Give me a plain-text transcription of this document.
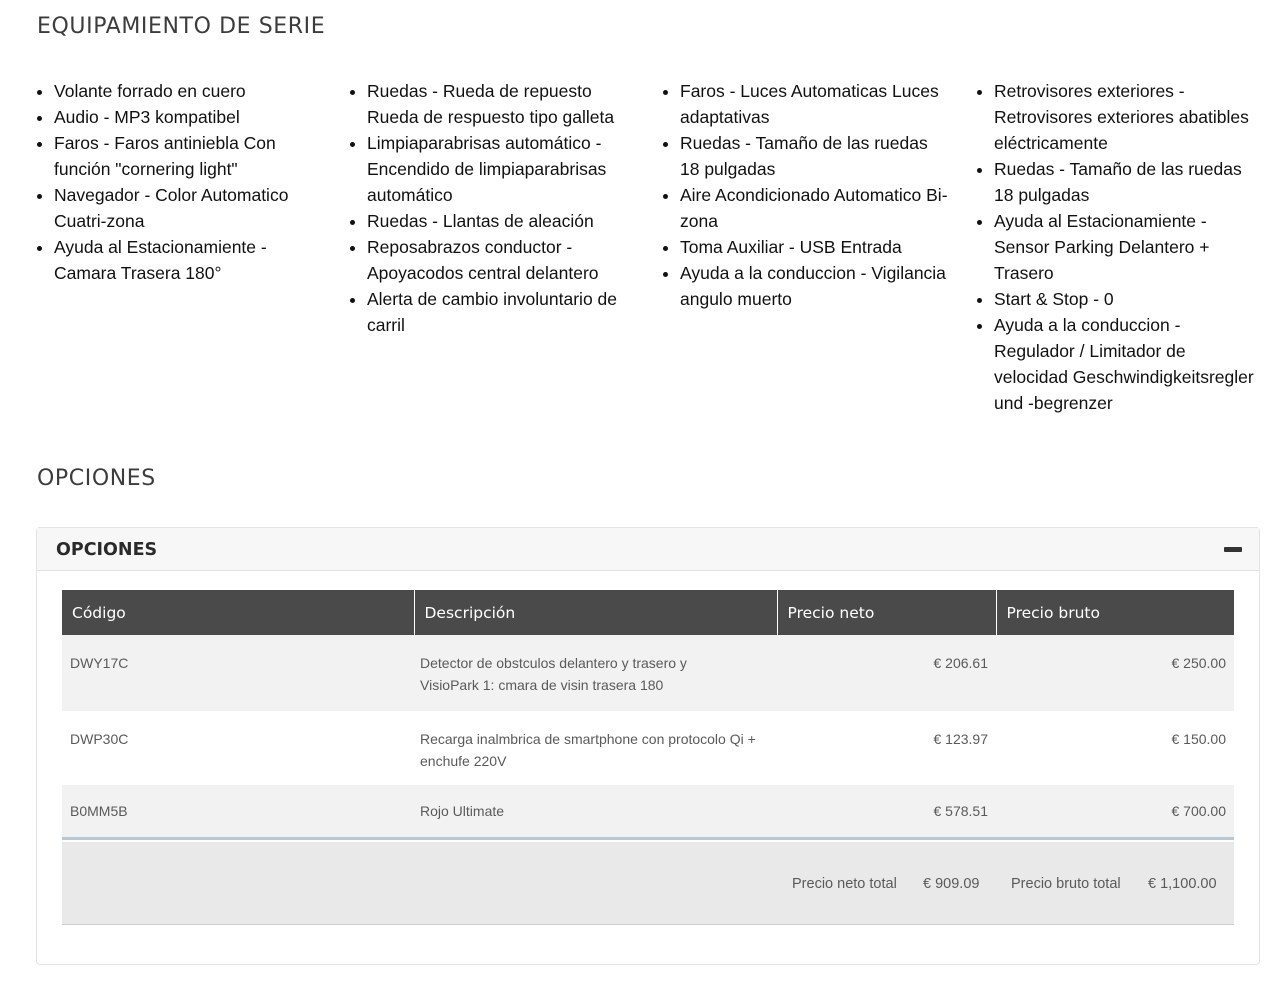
EQUIPAMIENTO DE SERIE
Volante forrado en cuero
Audio - MP3 kompatibel
Faros - Faros antiniebla Con función "cornering light"
Navegador - Color Automatico Cuatri-zona
Ayuda al Estacionamiente - Camara Trasera 180°
Ruedas - Rueda de repuesto Rueda de respuesto tipo galleta
Limpiaparabrisas automático - Encendido de limpiaparabrisas automático
Ruedas - Llantas de aleación
Reposabrazos conductor - Apoyacodos central delantero
Alerta de cambio involuntario de carril
Faros - Luces Automaticas Luces adaptativas
Ruedas - Tamaño de las ruedas 18 pulgadas
Aire Acondicionado Automatico Bi-zona
Toma Auxiliar - USB Entrada
Ayuda a la conduccion - Vigilancia angulo muerto
Retrovisores exteriores - Retrovisores exteriores abatibles eléctricamente
Ruedas - Tamaño de las ruedas 18 pulgadas
Ayuda al Estacionamiente - Sensor Parking Delantero + Trasero
Start & Stop - 0
Ayuda a la conduccion - Regulador / Limitador de velocidad Geschwindigkeitsregler und -begrenzer
OPCIONES
OPCIONES
Código	Descripción	Precio neto	Precio bruto
DWY17C	Detector de obstculos delantero y trasero y VisioPark 1: cmara de visin trasera 180	€ 206.61	€ 250.00
DWP30C	Recarga inalmbrica de smartphone con protocolo Qi + enchufe 220V	€ 123.97	€ 150.00
B0MM5B	Rojo Ultimate	€ 578.51	€ 700.00
Precio neto total € 909.09 Precio bruto total € 1,100.00
